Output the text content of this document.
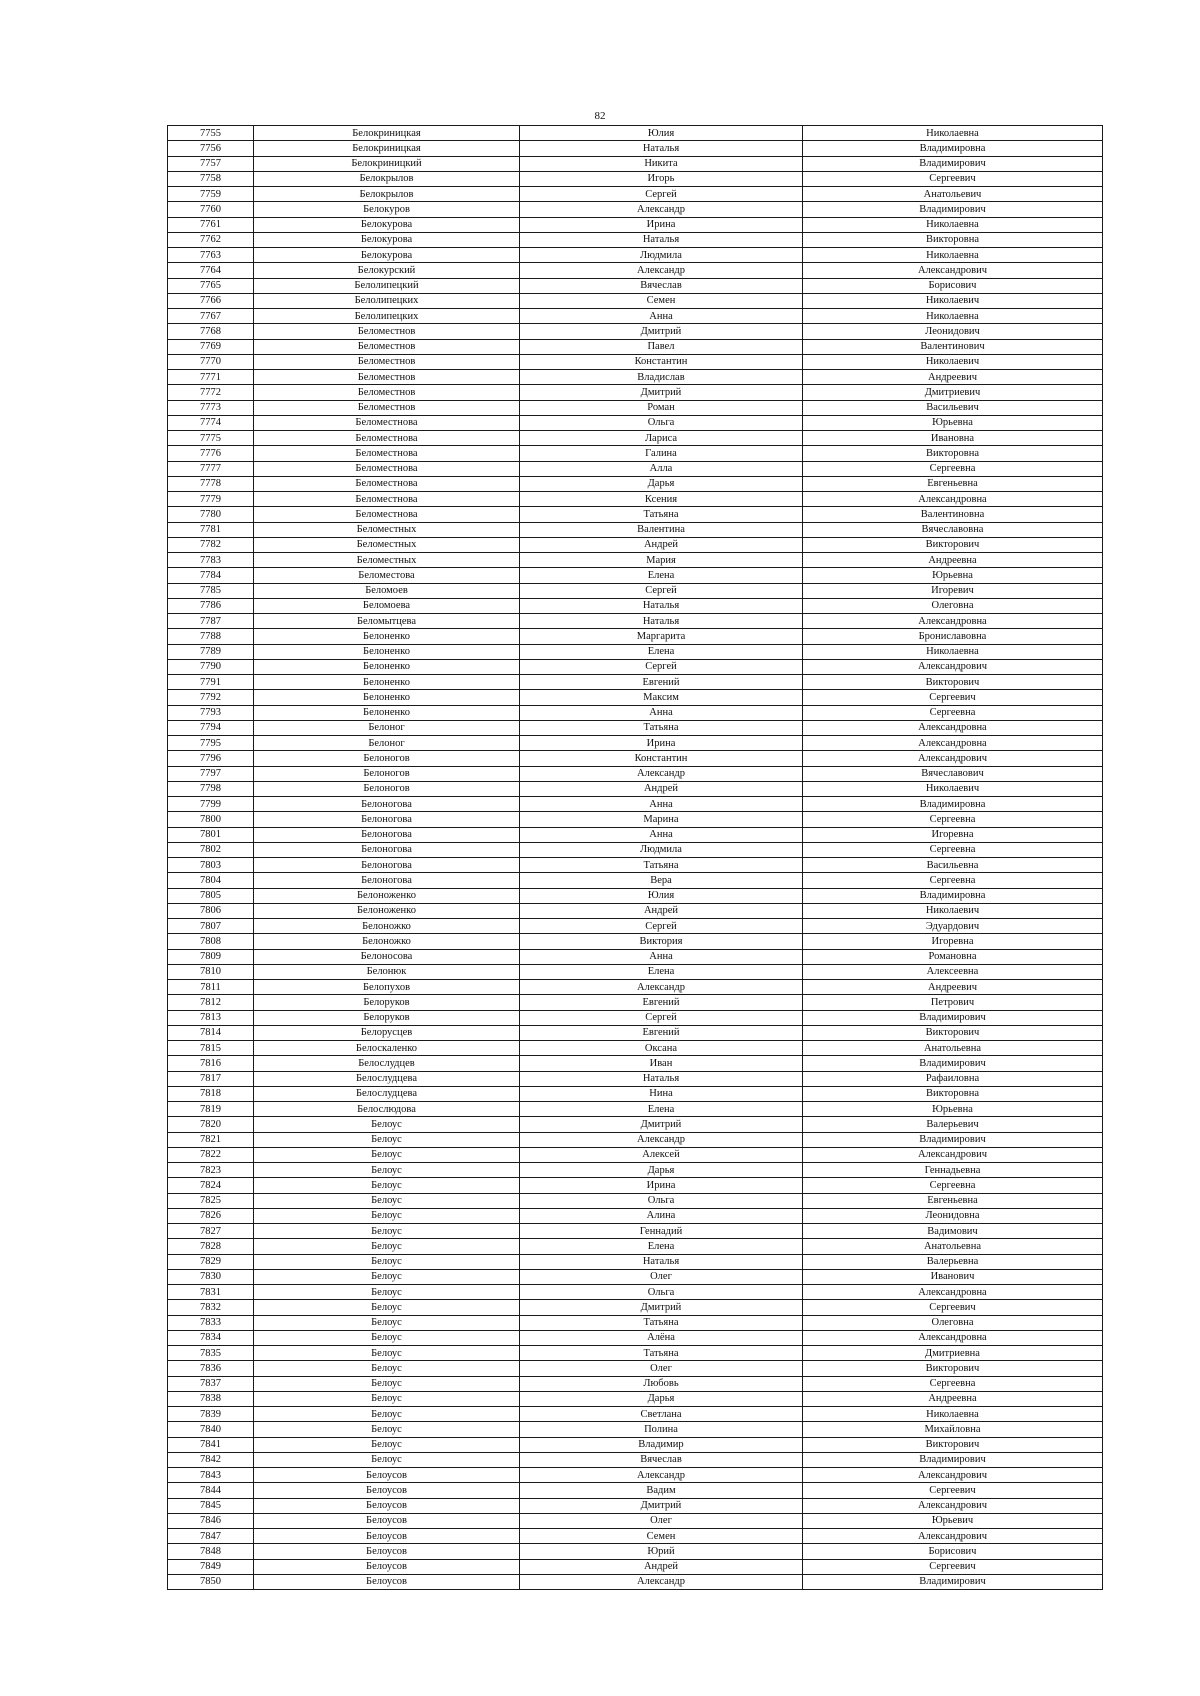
82
7755	Белокриницкая	Юлия	Николаевна
7756	Белокриницкая	Наталья	Владимировна
7757	Белокриницкий	Никита	Владимирович
7758	Белокрылов	Игорь	Сергеевич
7759	Белокрылов	Сергей	Анатольевич
7760	Белокуров	Александр	Владимирович
7761	Белокурова	Ирина	Николаевна
7762	Белокурова	Наталья	Викторовна
7763	Белокурова	Людмила	Николаевна
7764	Белокурский	Александр	Александрович
7765	Белолипецкий	Вячеслав	Борисович
7766	Белолипецких	Семен	Николаевич
7767	Белолипецких	Анна	Николаевна
7768	Беломестнов	Дмитрий	Леонидович
7769	Беломестнов	Павел	Валентинович
7770	Беломестнов	Константин	Николаевич
7771	Беломестнов	Владислав	Андреевич
7772	Беломестнов	Дмитрий	Дмитриевич
7773	Беломестнов	Роман	Васильевич
7774	Беломестнова	Ольга	Юрьевна
7775	Беломестнова	Лариса	Ивановна
7776	Беломестнова	Галина	Викторовна
7777	Беломестнова	Алла	Сергеевна
7778	Беломестнова	Дарья	Евгеньевна
7779	Беломестнова	Ксения	Александровна
7780	Беломестнова	Татьяна	Валентиновна
7781	Беломестных	Валентина	Вячеславовна
7782	Беломестных	Андрей	Викторович
7783	Беломестных	Мария	Андреевна
7784	Беломестова	Елена	Юрьевна
7785	Беломоев	Сергей	Игоревич
7786	Беломоева	Наталья	Олеговна
7787	Беломытцева	Наталья	Александровна
7788	Белоненко	Маргарита	Брониславовна
7789	Белоненко	Елена	Николаевна
7790	Белоненко	Сергей	Александрович
7791	Белоненко	Евгений	Викторович
7792	Белоненко	Максим	Сергеевич
7793	Белоненко	Анна	Сергеевна
7794	Белоног	Татьяна	Александровна
7795	Белоног	Ирина	Александровна
7796	Белоногов	Константин	Александрович
7797	Белоногов	Александр	Вячеславович
7798	Белоногов	Андрей	Николаевич
7799	Белоногова	Анна	Владимировна
7800	Белоногова	Марина	Сергеевна
7801	Белоногова	Анна	Игоревна
7802	Белоногова	Людмила	Сергеевна
7803	Белоногова	Татьяна	Васильевна
7804	Белоногова	Вера	Сергеевна
7805	Белоноженко	Юлия	Владимировна
7806	Белоноженко	Андрей	Николаевич
7807	Белоножко	Сергей	Эдуардович
7808	Белоножко	Виктория	Игоревна
7809	Белоносова	Анна	Романовна
7810	Белонюк	Елена	Алексеевна
7811	Белопухов	Александр	Андреевич
7812	Белоруков	Евгений	Петрович
7813	Белоруков	Сергей	Владимирович
7814	Белорусцев	Евгений	Викторович
7815	Белоскаленко	Оксана	Анатольевна
7816	Белослудцев	Иван	Владимирович
7817	Белослудцева	Наталья	Рафаиловна
7818	Белослудцева	Нина	Викторовна
7819	Белослюдова	Елена	Юрьевна
7820	Белоус	Дмитрий	Валерьевич
7821	Белоус	Александр	Владимирович
7822	Белоус	Алексей	Александрович
7823	Белоус	Дарья	Геннадьевна
7824	Белоус	Ирина	Сергеевна
7825	Белоус	Ольга	Евгеньевна
7826	Белоус	Алина	Леонидовна
7827	Белоус	Геннадий	Вадимович
7828	Белоус	Елена	Анатольевна
7829	Белоус	Наталья	Валерьевна
7830	Белоус	Олег	Иванович
7831	Белоус	Ольга	Александровна
7832	Белоус	Дмитрий	Сергеевич
7833	Белоус	Татьяна	Олеговна
7834	Белоус	Алёна	Александровна
7835	Белоус	Татьяна	Дмитриевна
7836	Белоус	Олег	Викторович
7837	Белоус	Любовь	Сергеевна
7838	Белоус	Дарья	Андреевна
7839	Белоус	Светлана	Николаевна
7840	Белоус	Полина	Михайловна
7841	Белоус	Владимир	Викторович
7842	Белоус	Вячеслав	Владимирович
7843	Белоусов	Александр	Александрович
7844	Белоусов	Вадим	Сергеевич
7845	Белоусов	Дмитрий	Александрович
7846	Белоусов	Олег	Юрьевич
7847	Белоусов	Семен	Александрович
7848	Белоусов	Юрий	Борисович
7849	Белоусов	Андрей	Сергеевич
7850	Белоусов	Александр	Владимирович
